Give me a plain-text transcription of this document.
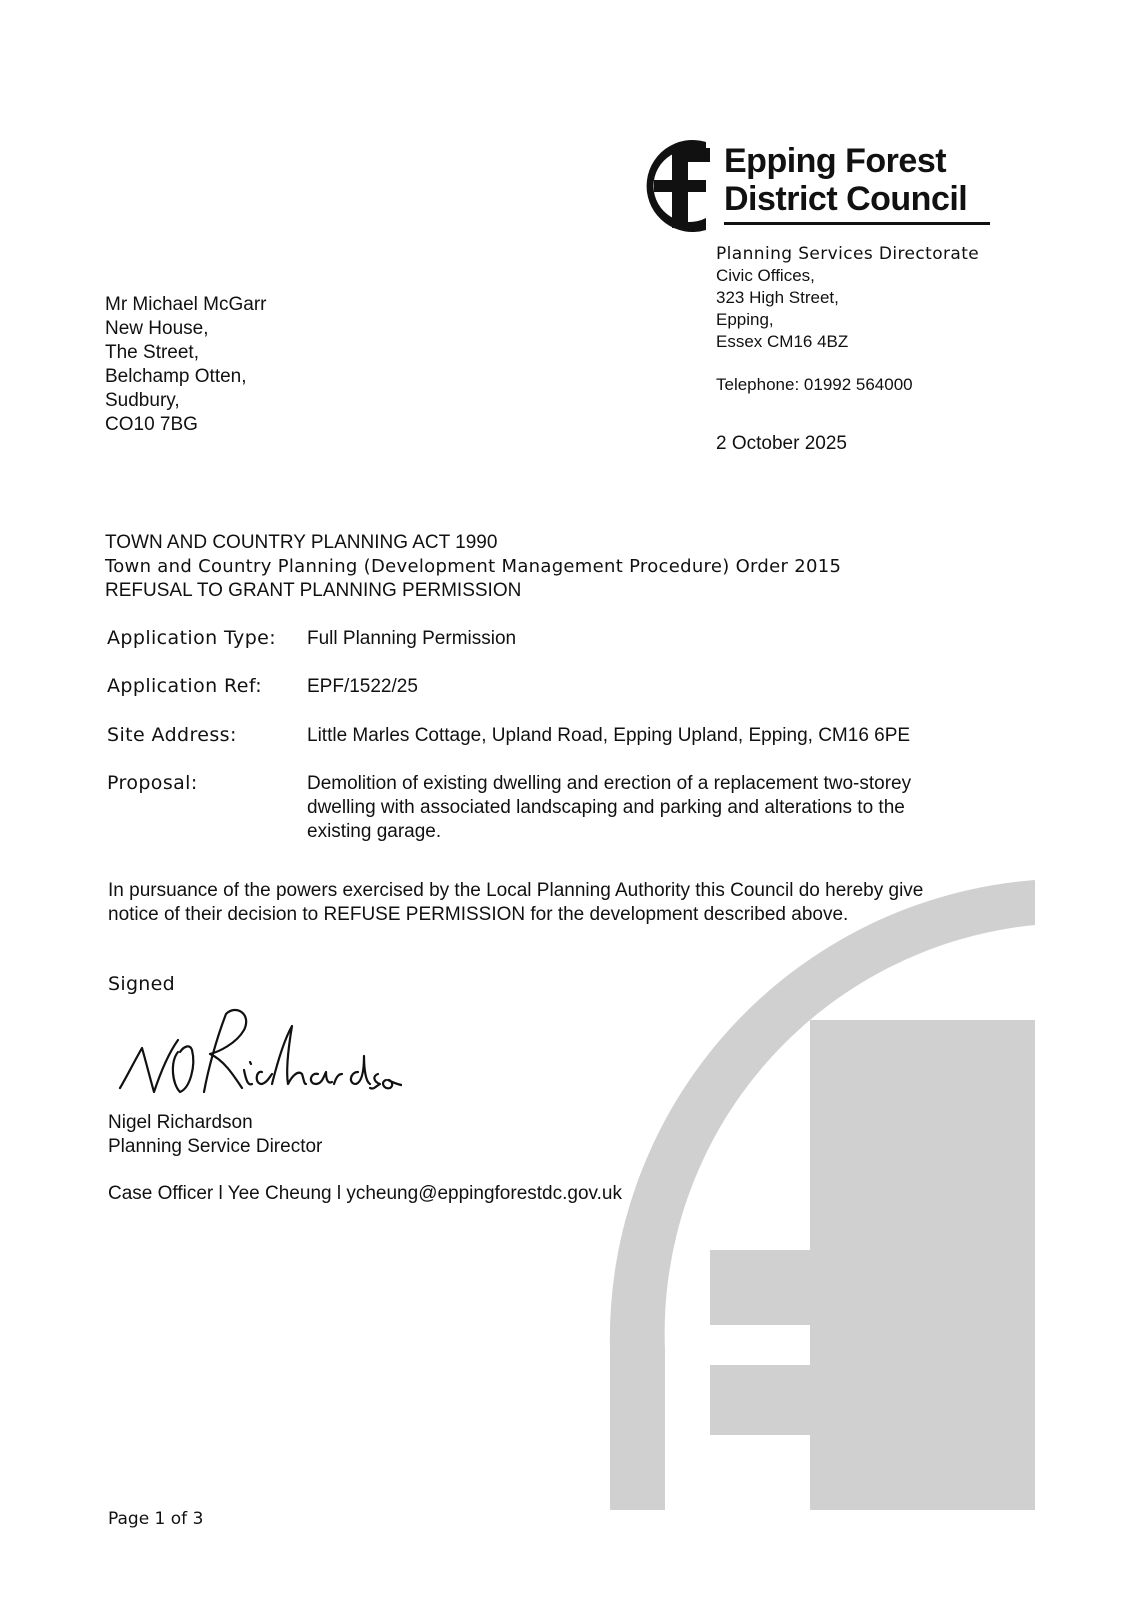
Epping Forest
District Council
Planning Services Directorate
Civic Offices,
323 High Street,
Epping,
Essex CM16 4BZ
Telephone: 01992 564000
2 October 2025
Mr Michael McGarr
New House,
The Street,
Belchamp Otten,
Sudbury,
CO10 7BG
TOWN AND COUNTRY PLANNING ACT 1990
Town and Country Planning (Development Management Procedure) Order 2015
REFUSAL TO GRANT PLANNING PERMISSION
Application Type: Full Planning Permission
Application Ref: EPF/1522/25
Site Address:	Little Marles Cottage, Upland Road, Epping Upland, Epping, CM16 6PE
Proposal:	Demolition of existing dwelling and erection of a replacement two-storey
dwelling with associated landscaping and parking and alterations to the
existing garage.
In pursuance of the powers exercised by the Local Planning Authority this Council do hereby give
notice of their decision to REFUSE PERMISSION for the development described above.
Signed
Nigel Richardson
Planning Service Director
Case Officer l Yee Cheung l ycheung@eppingforestdc.gov.uk
Page 1 of 3
